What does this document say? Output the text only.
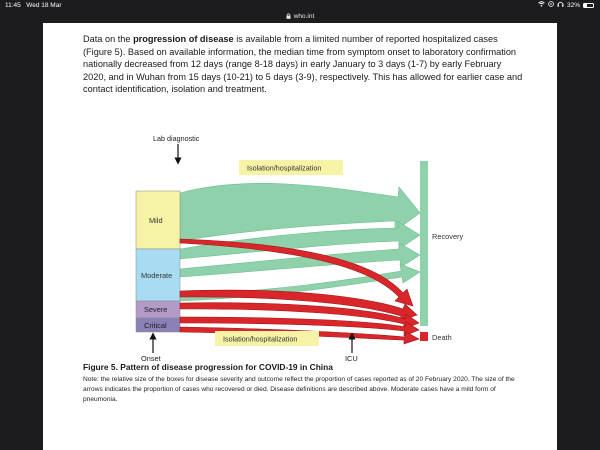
11:45 Wed 18 Mar	32%
who.int
Data on the progression of disease is available from a limited number of reported hospitalized cases (Figure 5). Based on available information, the median time from symptom onset to laboratory confirmation nationally decreased from 12 days (range 8-18 days) in early January to 3 days (1-7) by early February 2020, and in Wuhan from 15 days (10-21) to 5 days (3-9), respectively. This has allowed for earlier case and contact identification, isolation and treatment.
Lab diagnostic
Isolation/hospitalization
Recovery
Mild
Moderate
Severe
Critical
Death
Isolation/hospitalization
Onset	ICU
Figure 5. Pattern of disease progression for COVID-19 in China
Note: the relative size of the boxes for disease severity and outcome reflect the proportion of cases reported as of 20 February 2020. The size of the arrows indicates the proportion of cases who recovered or died. Disease definitions are described above. Moderate cases have a mild form of pneumonia.
